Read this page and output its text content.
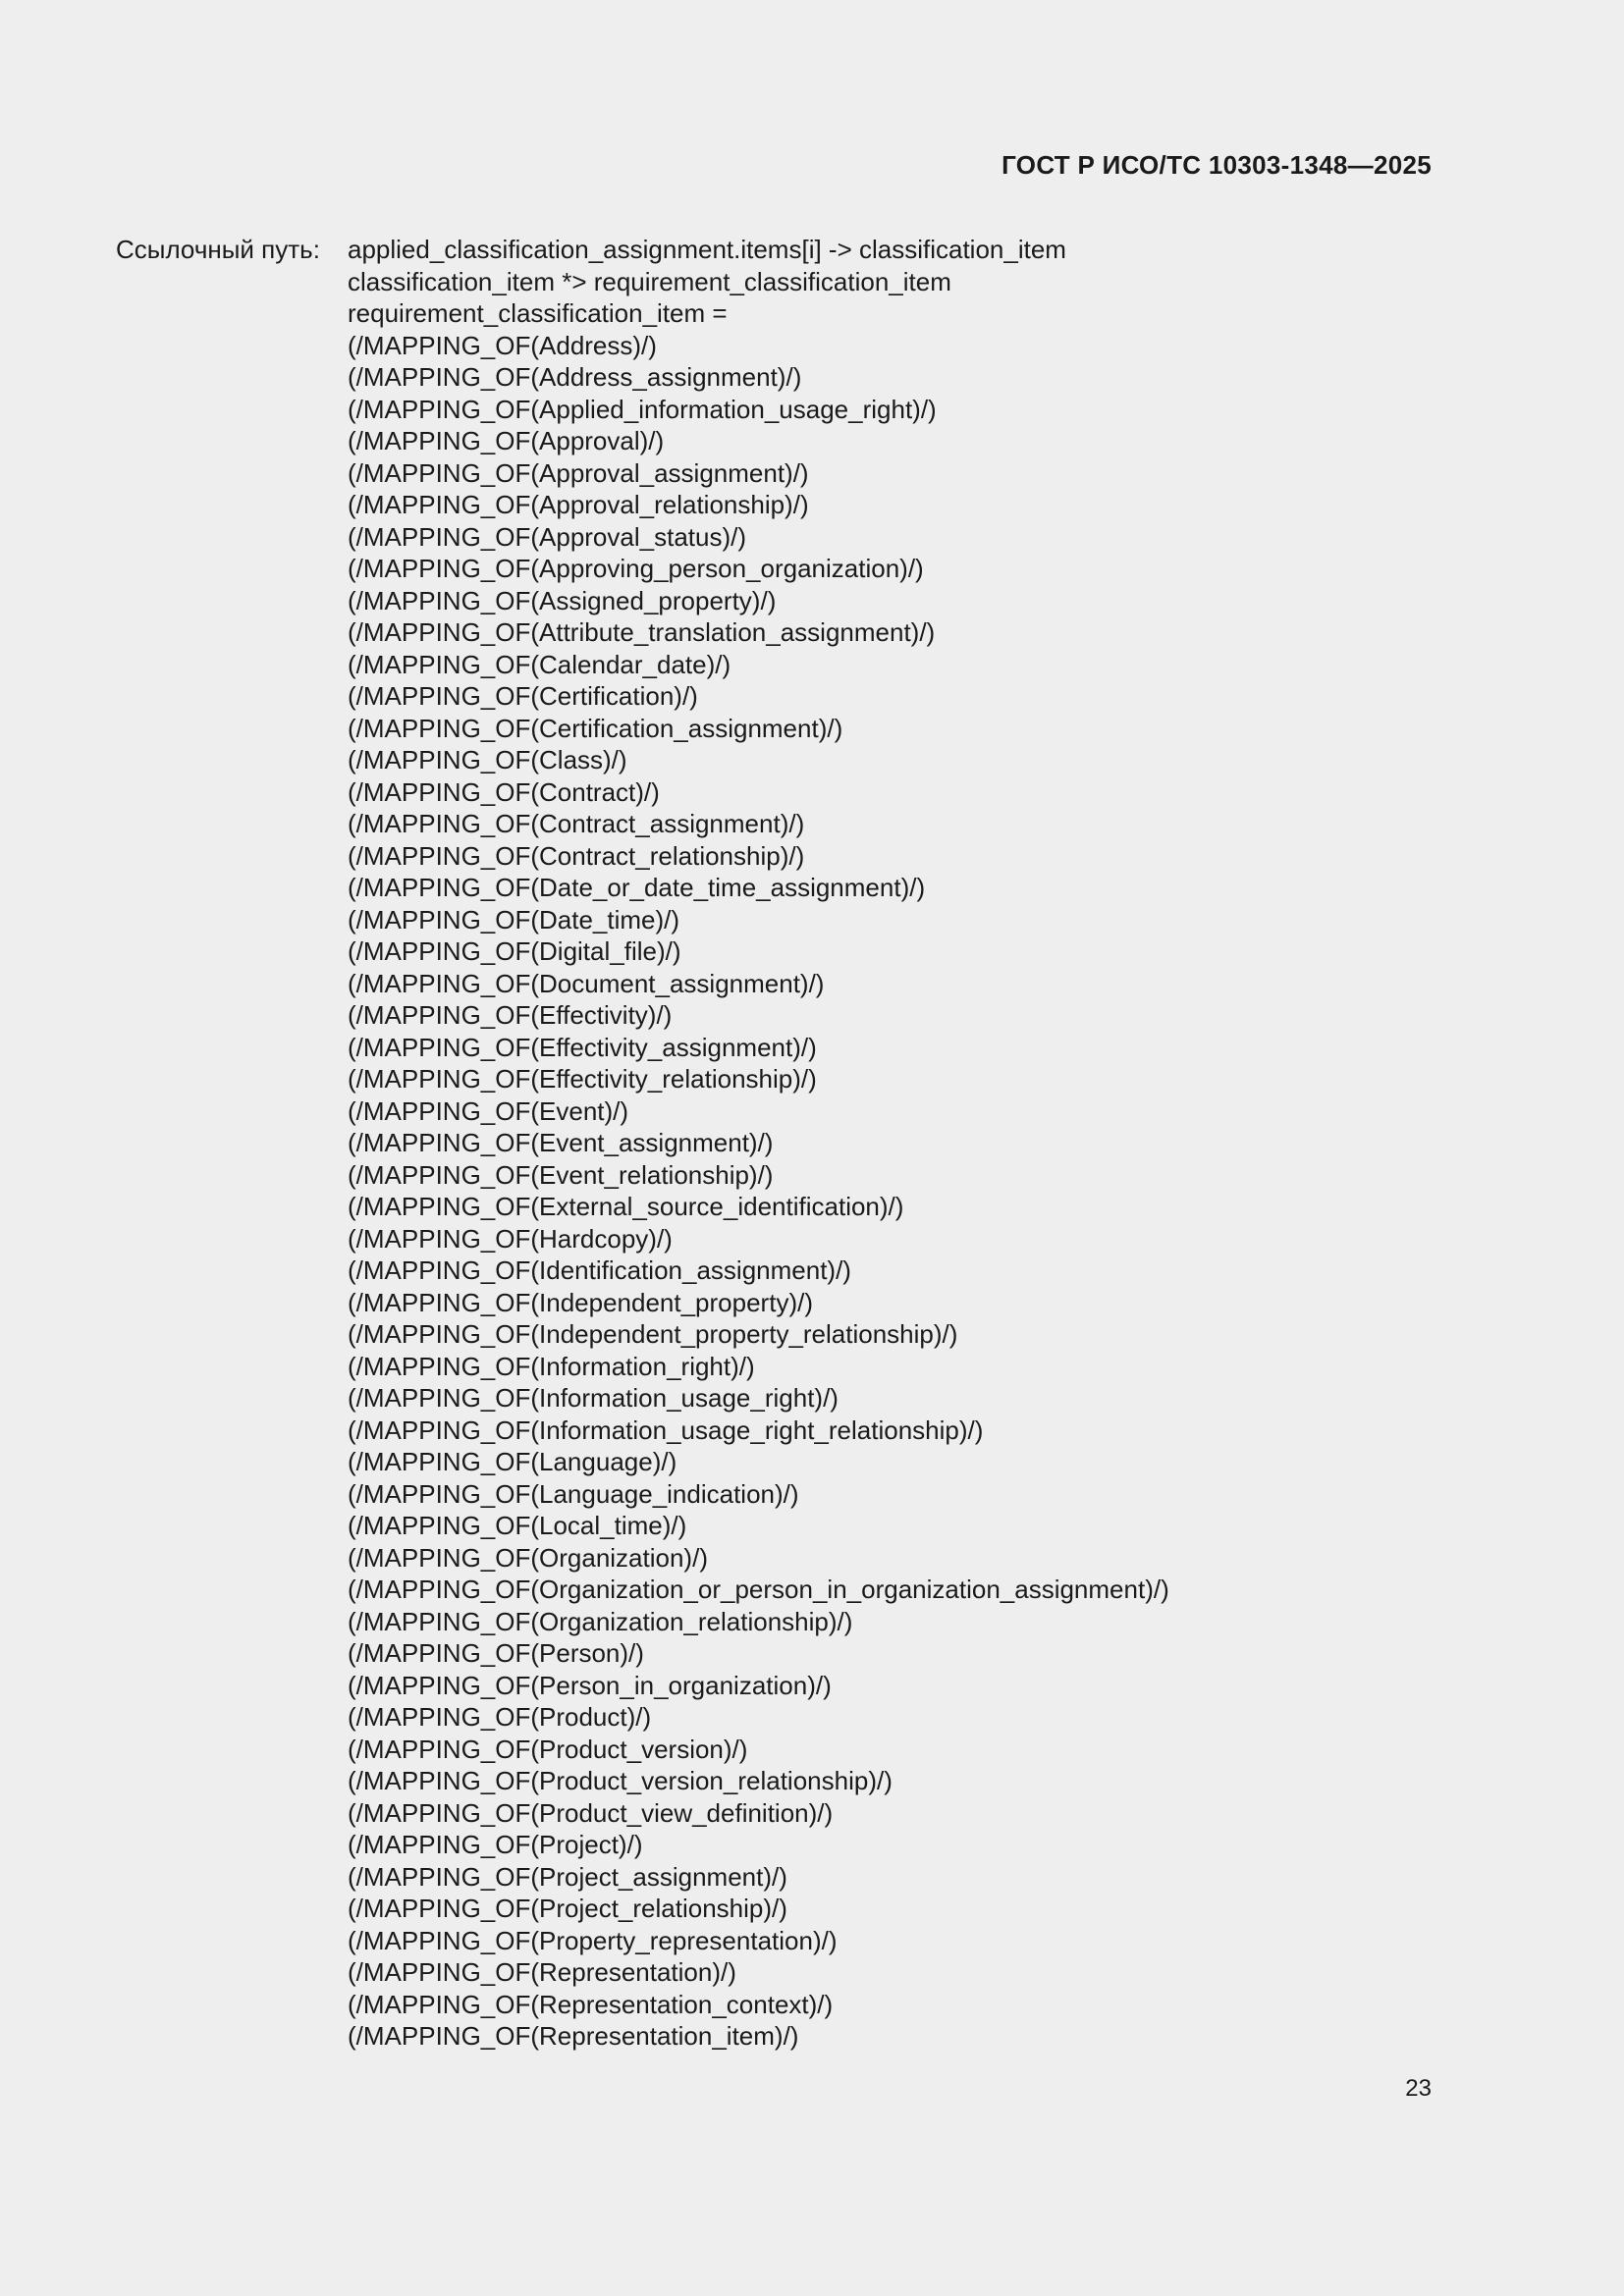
ГОСТ Р ИСО/ТС 10303-1348—2025
Ссылочный путь: applied_classification_assignment.items[i] -> classification_item
classification_item *> requirement_classification_item
requirement_classification_item =
(/MAPPING_OF(Address)/)
(/MAPPING_OF(Address_assignment)/)
(/MAPPING_OF(Applied_information_usage_right)/)
(/MAPPING_OF(Approval)/)
(/MAPPING_OF(Approval_assignment)/)
(/MAPPING_OF(Approval_relationship)/)
(/MAPPING_OF(Approval_status)/)
(/MAPPING_OF(Approving_person_organization)/)
(/MAPPING_OF(Assigned_property)/)
(/MAPPING_OF(Attribute_translation_assignment)/)
(/MAPPING_OF(Calendar_date)/)
(/MAPPING_OF(Certification)/)
(/MAPPING_OF(Certification_assignment)/)
(/MAPPING_OF(Class)/)
(/MAPPING_OF(Contract)/)
(/MAPPING_OF(Contract_assignment)/)
(/MAPPING_OF(Contract_relationship)/)
(/MAPPING_OF(Date_or_date_time_assignment)/)
(/MAPPING_OF(Date_time)/)
(/MAPPING_OF(Digital_file)/)
(/MAPPING_OF(Document_assignment)/)
(/MAPPING_OF(Effectivity)/)
(/MAPPING_OF(Effectivity_assignment)/)
(/MAPPING_OF(Effectivity_relationship)/)
(/MAPPING_OF(Event)/)
(/MAPPING_OF(Event_assignment)/)
(/MAPPING_OF(Event_relationship)/)
(/MAPPING_OF(External_source_identification)/)
(/MAPPING_OF(Hardcopy)/)
(/MAPPING_OF(Identification_assignment)/)
(/MAPPING_OF(Independent_property)/)
(/MAPPING_OF(Independent_property_relationship)/)
(/MAPPING_OF(Information_right)/)
(/MAPPING_OF(Information_usage_right)/)
(/MAPPING_OF(Information_usage_right_relationship)/)
(/MAPPING_OF(Language)/)
(/MAPPING_OF(Language_indication)/)
(/MAPPING_OF(Local_time)/)
(/MAPPING_OF(Organization)/)
(/MAPPING_OF(Organization_or_person_in_organization_assignment)/)
(/MAPPING_OF(Organization_relationship)/)
(/MAPPING_OF(Person)/)
(/MAPPING_OF(Person_in_organization)/)
(/MAPPING_OF(Product)/)
(/MAPPING_OF(Product_version)/)
(/MAPPING_OF(Product_version_relationship)/)
(/MAPPING_OF(Product_view_definition)/)
(/MAPPING_OF(Project)/)
(/MAPPING_OF(Project_assignment)/)
(/MAPPING_OF(Project_relationship)/)
(/MAPPING_OF(Property_representation)/)
(/MAPPING_OF(Representation)/)
(/MAPPING_OF(Representation_context)/)
(/MAPPING_OF(Representation_item)/)
23
